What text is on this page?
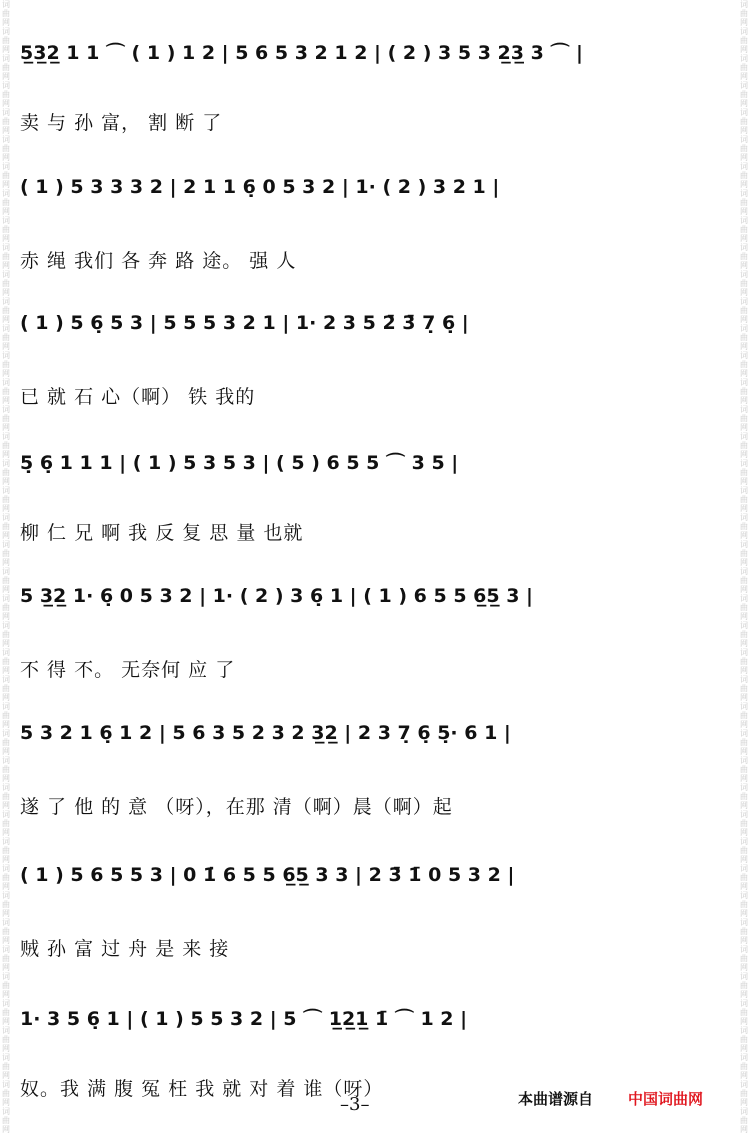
词
曲
网
词
曲
网
词
曲
网
词
曲
网
词
曲
网
词
曲
网
词
曲
网
词
曲
网
词
曲
网
词
曲
网
词
曲
网
词
曲
网
词
曲
网
词
曲
网
词
曲
网
词
曲
网
词
曲
网
词
曲
网
词
曲
网
词
曲
网
词
曲
网
词
曲
网
词
曲
网
词
曲
网
词
曲
网
词
曲
网
词
曲
网
词
曲
网
词
曲
网
词
曲
网
词
曲
网
词
曲
网
词
曲
网
词
曲
网
词
曲
网
词
曲
网
词
曲
网
词
曲
网
词
曲
网
词
曲
网
词
曲
网
词
曲
网
词
曲
网
词
曲
网
词
曲
网
词
曲
网
词
曲
网
词
曲
网
词
曲
网
词
曲
网
词
曲
网
词
曲
网
词
曲
网
词
曲
网
词
曲
网
词
曲
网
词
曲
网
词
曲
网
词
曲
网
词
曲
网
词
曲
网
词
曲
网
词
曲
网
词
曲
网
词
曲
网
词
曲
网
词
曲
网
词
曲
网
词
曲
网
词
曲
网
词
曲
网
词
曲
网
词
曲
网
词
曲
网
词
曲
网
词
曲
网
词
曲
网
词
曲
网
词
曲
网
词
曲
网
词
曲
网
词
曲
网
词
曲
网
词
曲
网
5̲3̲2̲ 1 1 ⌒ ( 1 ) 1 2 | 5 6 5 3 2 1 2 | ( 2 ) 3 5 3 2̲3̲ 3 ⌒ |
卖 与 孙 富， 割 断 了
( 1 ) 5 3 3 3 2 | 2 1 1 6̣ 0 5 3 2 | 1· ( 2 ) 3 2 1 |
赤 绳 我们 各 奔 路 途。 强 人
( 1 ) 5 6̣ 5 3 | 5 5 5 3 2 1 | 1· 2 3 5 2̄ 3̄ 7̣ 6̣ |
已 就 石 心（啊） 铁 我的
5̣ 6̣ 1 1 1 | ( 1 ) 5 3 5 3 | ( 5 ) 6 5 5 ⌒ 3 5 |
柳 仁 兄 啊 我 反 复 思 量 也就
5 3̲2̲ 1· 6̣ 0 5 3 2 | 1· ( 2 ) 3 6̣ 1 | ( 1 ) 6 5 5 6̲5̲ 3 |
不 得 不。 无奈何 应 了
5 3 2 1 6̣ 1 2 | 5 6 3 5 2 3 2 3̲2̲ | 2 3 7̣ 6̣ 5̣· 6 1 |
遂 了 他 的 意 （呀），在那 清（啊）晨（啊）起
( 1 ) 5 6 5 5 3 | 0 1̇ 6 5 5 6̲5̲ 3 3 | 2 3̄ 1̄ 0 5 3 2 |
贼 孙 富 过 舟 是 来 接
1· 3 5 6̣ 1 | ( 1 ) 5 5 3 2 | 5 ⌒ 1̲2̲1̲ 1̄ ⌒ 1 2 |
奴。我 满 腹 冤 枉 我 就 对 着 谁（呀）
–3–	本曲谱源自 中国词曲网
